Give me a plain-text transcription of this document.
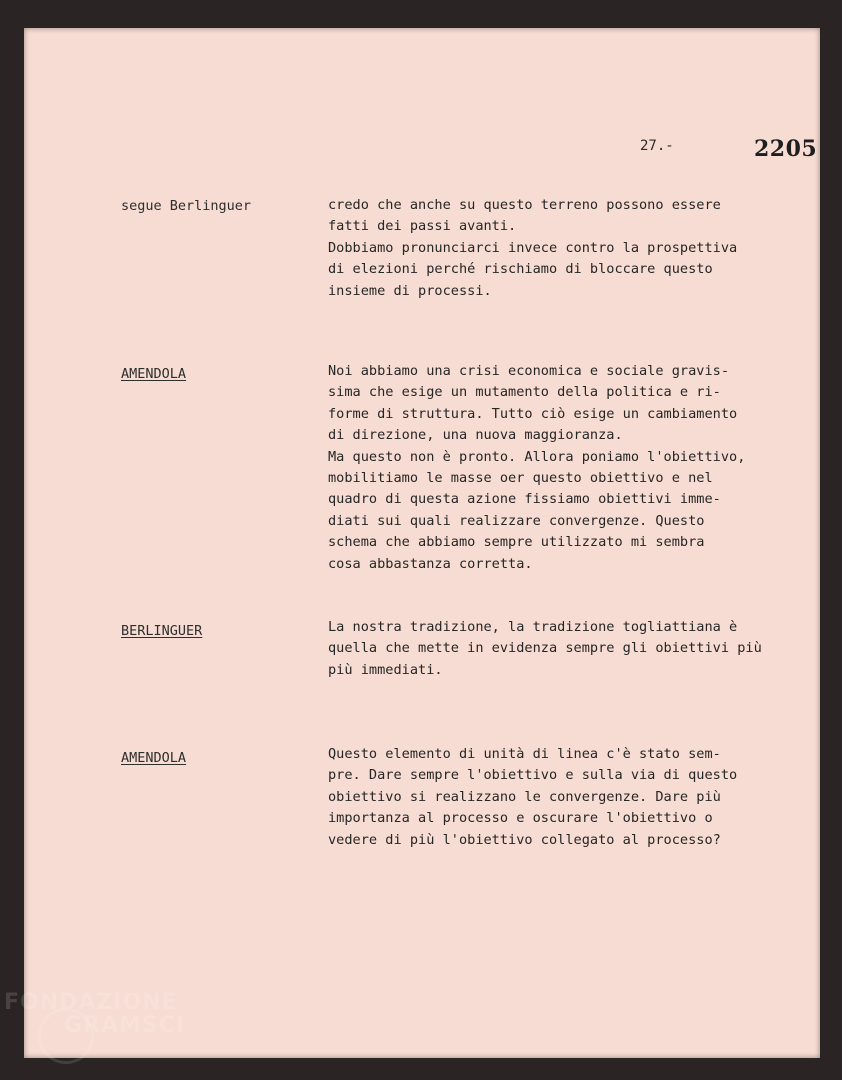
27.-	2205
segue Berlinguer	credo che anche su questo terreno possono essere
fatti dei passi avanti.
Dobbiamo pronunciarci invece contro la prospettiva
di elezioni perché rischiamo di bloccare questo
insieme di processi.
AMENDOLA	Noi abbiamo una crisi economica e sociale gravis-
sima che esige un mutamento della politica e ri-
forme di struttura. Tutto ciò esige un cambiamento
di direzione, una nuova maggioranza.
Ma questo non è pronto. Allora poniamo l'obiettivo,
mobilitiamo le masse oer questo obiettivo e nel
quadro di questa azione fissiamo obiettivi imme-
diati sui quali realizzare convergenze. Questo
schema che abbiamo sempre utilizzato mi sembra
cosa abbastanza corretta.
BERLINGUER	La nostra tradizione, la tradizione togliattiana è
quella che mette in evidenza sempre gli obiettivi più
più immediati.
AMENDOLA	Questo elemento di unità di linea c'è stato sem-
pre. Dare sempre l'obiettivo e sulla via di questo
obiettivo si realizzano le convergenze. Dare più
importanza al processo e oscurare l'obiettivo o
vedere di più l'obiettivo collegato al processo?
FONDAZIONE
GRAMSCI
